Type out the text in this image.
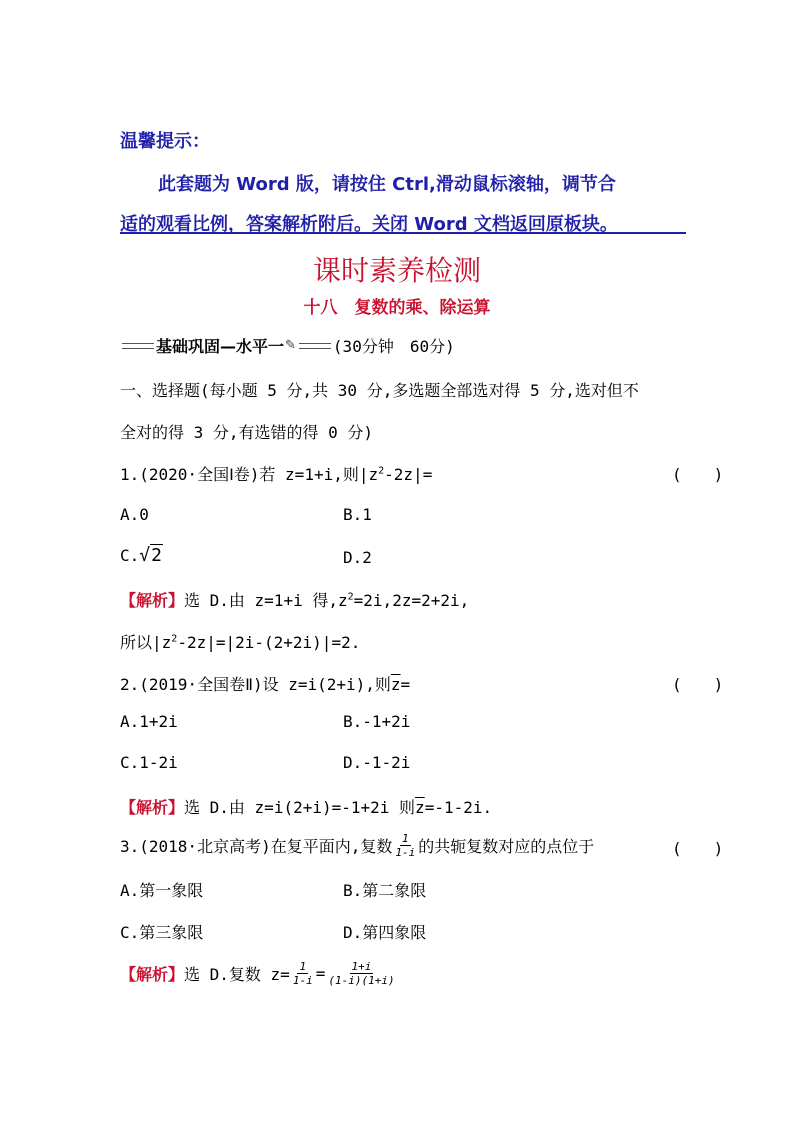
温馨提示：
此套题为 Word 版，请按住 Ctrl,滑动鼠标滚轴，调节合
适的观看比例，答案解析附后。关闭 Word 文档返回原板块。
课时素养检测
十八　复数的乘、除运算
基础巩固—水平一 ✎ (30分钟　60分)
一、选择题(每小题 5 分,共 30 分,多选题全部选对得 5 分,选对但不
全对的得 3 分,有选错的得 0 分)
1.(2020·全国Ⅰ卷)若 z=1+i,则$|z^2-2z|=$	(　　)
A.0	B.1
C.√2	D.2
【解析】选 D.由 z=1+i 得$,z^2=2i,2z=2+2i$,
所以$|z^2-2z|=|2i-(2+2i)|=2$.
2.(2019·全国卷Ⅱ)设 z=i(2+i),则$\overline{z}=$	(　　)
A.1+2i	B.-1+2i
C.1-2i	D.-1-2i
【解析】选 D.由 z=i(2+i)=-1+2i 则$\overline{z}=-1-2i$.
3.(2018·北京高考)在复平面内,复数 $\frac{1}{1-i}$ 的共轭复数对应的点位于	(　　)
A.第一象限	B.第二象限
C.第三象限	D.第四象限
【解析】 选 D.复数 $z= \frac{1}{1-i} = \frac{1+i}{(1-i)(1+i)}$
